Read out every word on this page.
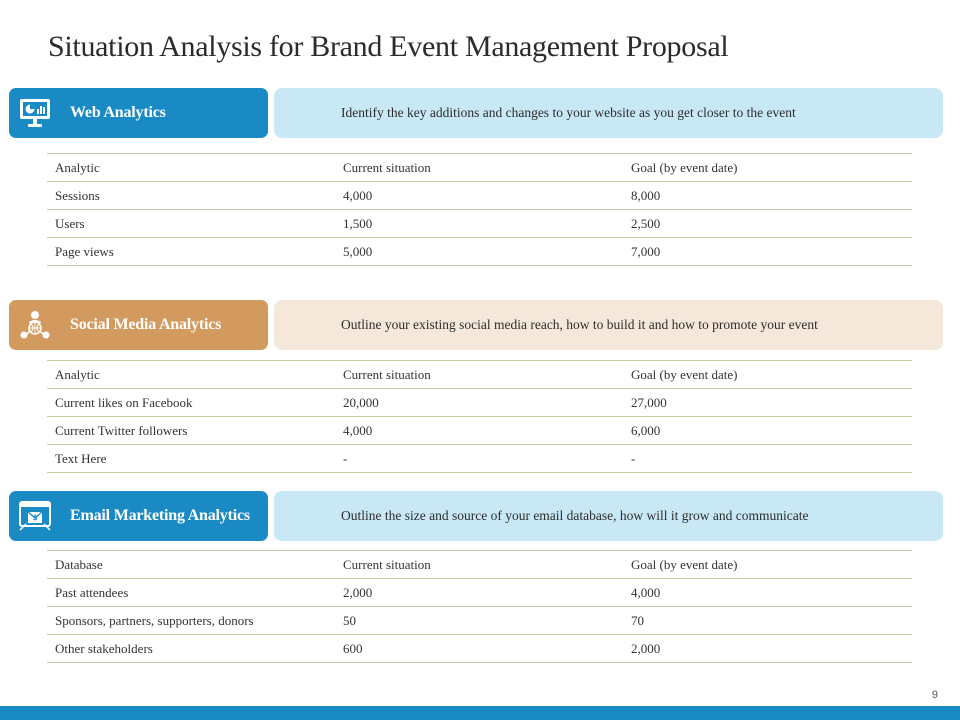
Situation Analysis for Brand Event Management Proposal
Web Analytics	Identify the key additions and changes to your website as you get closer to the event
Analytic	Current situation	Goal (by event date)
Sessions	4,000	8,000
Users	1,500	2,500
Page views	5,000	7,000
Social Media Analytics	Outline your existing social media reach, how to build it and how to promote your event
Analytic	Current situation	Goal (by event date)
Current likes on Facebook	20,000	27,000
Current Twitter followers	4,000	6,000
Text Here	-	-
$ Email Marketing Analytics	Outline the size and source of your email database, how will it grow and communicate
Database	Current situation	Goal (by event date)
Past attendees	2,000	4,000
Sponsors, partners, supporters, donors	50	70
Other stakeholders	600	2,000
9
